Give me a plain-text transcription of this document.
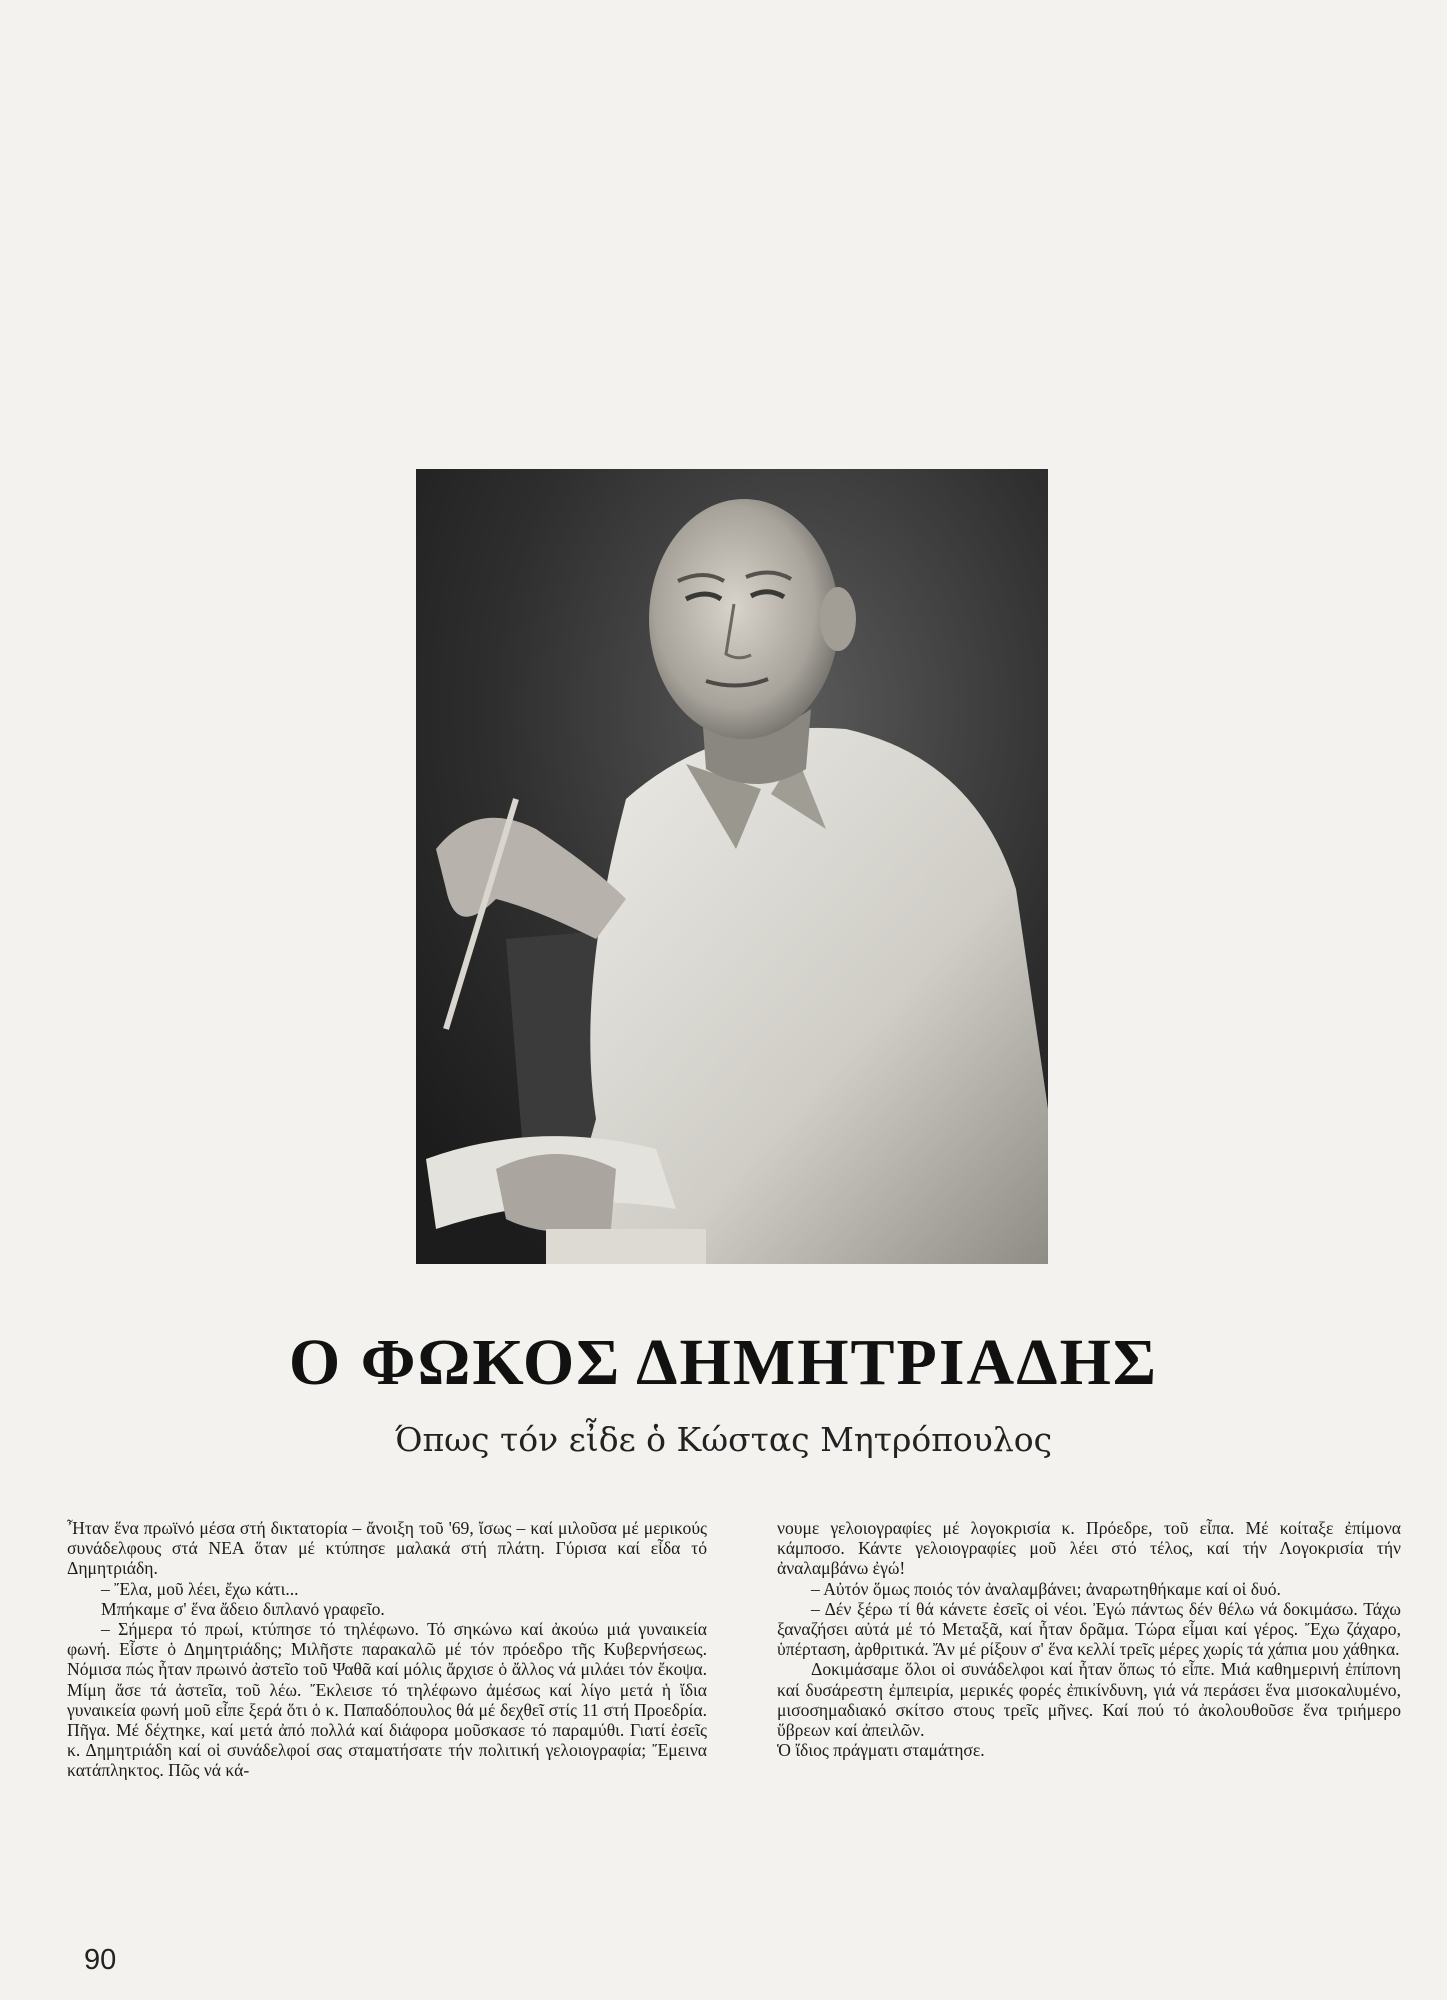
Ο ΦΩΚΟΣ ΔΗΜΗΤΡΙΑΔΗΣ
Όπως τόν εἶδε ὁ Κώστας Μητρόπουλος

Ἦταν ἕνα πρωϊνό μέσα στή δικτατορία – ἄνοιξη τοῦ '69, ἴσως – καί μιλοῦσα μέ μερικούς συνάδελφους στά ΝΕΑ ὅταν μέ κτύπησε μαλακά στή πλάτη. Γύρισα καί εἶδα τό Δημητριάδη.

– Ἔλα, μοῦ λέει, ἔχω κάτι...

Μπήκαμε σ' ἕνα ἄδειο διπλανό γραφεῖο.

– Σήμερα τό πρωί, κτύπησε τό τηλέφωνο. Τό σηκώνω καί ἀκούω μιά γυναικεία φωνή. Εἶστε ὁ Δημητριάδης; Μιλῆστε παρακαλῶ μέ τόν πρόεδρο τῆς Κυβερνήσεως. Νόμισα πώς ἦταν πρωινό ἀστεῖο τοῦ Ψαθᾶ καί μόλις ἄρχισε ὁ ἄλλος νά μιλάει τόν ἔκοψα. Μίμη ἄσε τά ἀστεῖα, τοῦ λέω. Ἔκλεισε τό τηλέφωνο ἀμέσως καί λίγο μετά ἡ ἴδια γυναικεία φωνή μοῦ εἶπε ξερά ὅτι ὁ κ. Παπαδόπουλος θά μέ δεχθεῖ στίς 11 στή Προεδρία. Πῆγα. Μέ δέχτηκε, καί μετά ἀπό πολλά καί διάφορα μοῦσκασε τό παραμύθι. Γιατί ἐσεῖς κ. Δημητριάδη καί οἱ συνάδελφοί σας σταματήσατε τήν πολιτική γελοιογραφία; Ἔμεινα κατάπληκτος. Πῶς νά κά-

νουμε γελοιογραφίες μέ λογοκρισία κ. Πρόεδρε, τοῦ εἶπα. Μέ κοίταξε ἐπίμονα κάμποσο. Κάντε γελοιογραφίες μοῦ λέει στό τέλος, καί τήν Λογοκρισία τήν ἀναλαμβάνω ἐγώ!

– Αὐτόν ὅμως ποιός τόν ἀναλαμβάνει; ἀναρωτηθήκαμε καί οἱ δυό.

– Δέν ξέρω τί θά κάνετε ἐσεῖς οἱ νέοι. Ἐγώ πάντως δέν θέλω νά δοκιμάσω. Τάχω ξαναζήσει αὐτά μέ τό Μεταξᾶ, καί ἦταν δρᾶμα. Τώρα εἶμαι καί γέρος. Ἔχω ζάχαρο, ὑπέρταση, ἀρθριτικά. Ἄν μέ ρίξουν σ' ἕνα κελλί τρεῖς μέρες χωρίς τά χάπια μου χάθηκα.

Δοκιμάσαμε ὅλοι οἱ συνάδελφοι καί ἦταν ὅπως τό εἶπε. Μιά καθημερινή ἐπίπονη καί δυσάρεστη ἐμπειρία, μερικές φορές ἐπικίνδυνη, γιά νά περάσει ἕνα μισοκαλυμένο, μισοσημαδιακό σκίτσο στους τρεῖς μῆνες. Καί πού τό ἀκολουθοῦσε ἕνα τριήμερο ὕβρεων καί ἀπειλῶν.

Ὁ ἴδιος πράγματι σταμάτησε.

90
